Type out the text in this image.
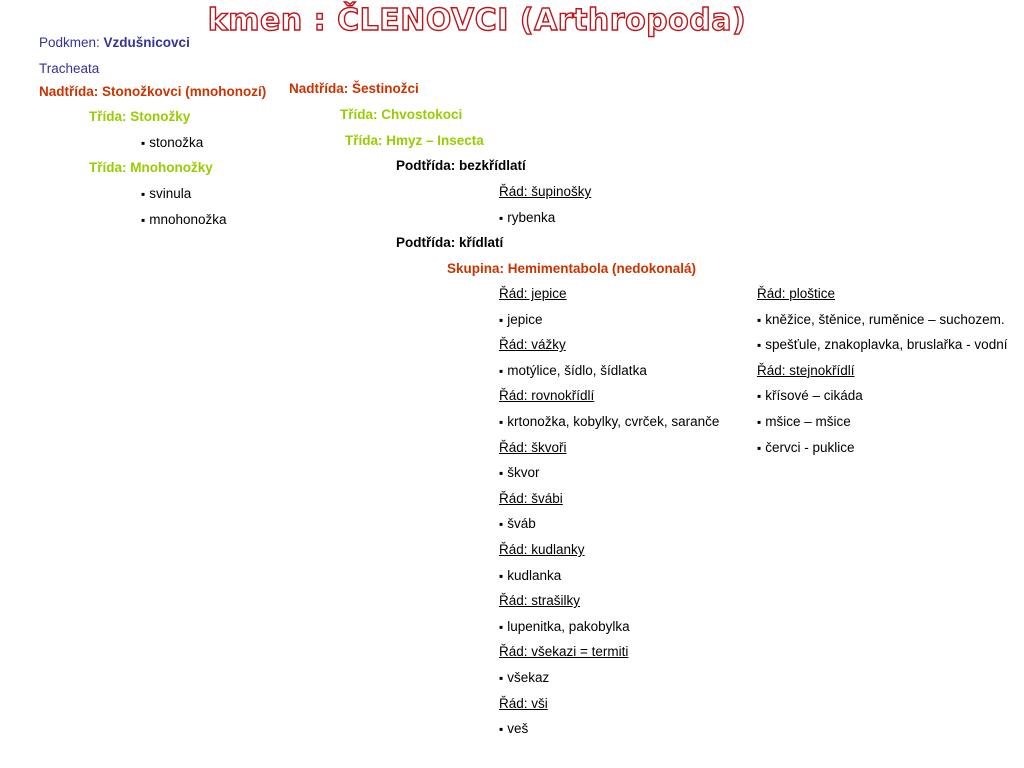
kmen : ČLENOVCI (Arthropoda)
Podkmen: Vzdušnicovci
Tracheata
Nadtřída: Stonožkovci (mnohonozí)
Třída: Stonožky
▪ stonožka
Třída: Mnohonožky
▪ svinula
▪ mnohonožka
Nadtřída: Šestinožci
Třída: Chvostokoci
Třída: Hmyz – Insecta
Podtřída: bezkřídlatí
Řád: šupinošky
▪ rybenka
Podtřída: křídlatí
Skupina: Hemimentabola (nedokonalá)
Řád: jepice
▪ jepice
Řád: vážky
▪ motýlice, šídlo, šídlatka
Řád: rovnokřídlí
▪ krtonožka, kobylky, cvrček, saranče
Řád: škvoři
▪ škvor
Řád: švábi
▪ šváb
Řád: kudlanky
▪ kudlanka
Řád: strašilky
▪ lupenitka, pakobylka
Řád: všekazi = termiti
▪ všekaz
Řád: vši
▪ veš
Řád: ploštice
▪ kněžice, štěnice, ruměnice – suchozem.
▪ spešťule, znakoplavka, bruslařka - vodní
Řád: stejnokřídlí
▪ křísové – cikáda
▪ mšice – mšice
▪ červci - puklice
